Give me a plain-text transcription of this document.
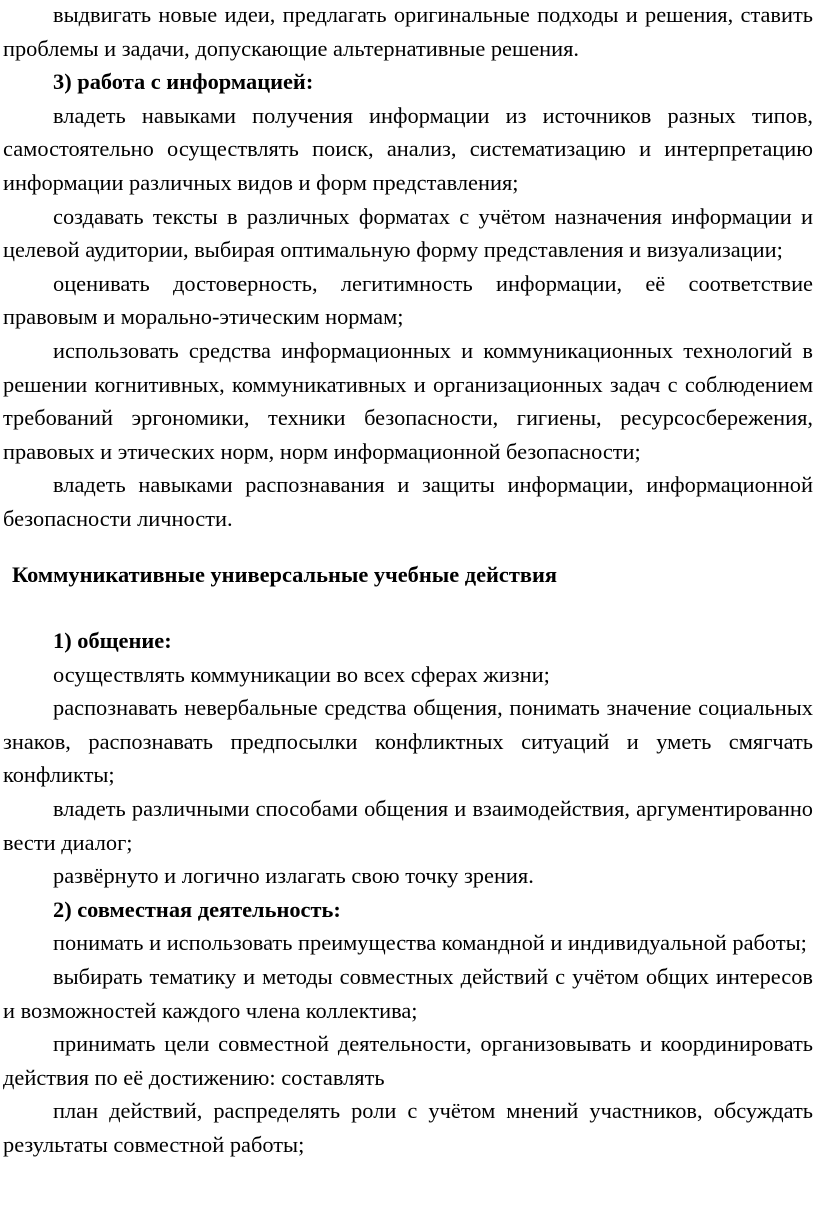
выдвигать новые идеи, предлагать оригинальные подходы и решения, ставить проблемы и задачи, допускающие альтернативные решения.

3) работа с информацией:

владеть навыками получения информации из источников разных типов, самостоятельно осуществлять поиск, анализ, систематизацию и интерпретацию информации различных видов и форм представления;

создавать тексты в различных форматах с учётом назначения информации и целевой аудитории, выбирая оптимальную форму представления и визуализации;

оценивать достоверность, легитимность информации, её соответствие правовым и морально-этическим нормам;

использовать средства информационных и коммуникационных технологий в решении когнитивных, коммуникативных и организационных задач с соблюдением требований эргономики, техники безопасности, гигиены, ресурсосбережения, правовых и этических норм, норм информационной безопасности;

владеть навыками распознавания и защиты информации, информационной безопасности личности.

Коммуникативные универсальные учебные действия

1) общение:

осуществлять коммуникации во всех сферах жизни;

распознавать невербальные средства общения, понимать значение социальных знаков, распознавать предпосылки конфликтных ситуаций и уметь смягчать конфликты;

владеть различными способами общения и взаимодействия, аргументированно вести диалог;

развёрнуто и логично излагать свою точку зрения.

2) совместная деятельность:

понимать и использовать преимущества командной и индивидуальной работы;

выбирать тематику и методы совместных действий с учётом общих интересов и возможностей каждого члена коллектива;

принимать цели совместной деятельности, организовывать и координировать действия по её достижению: составлять

план действий, распределять роли с учётом мнений участников, обсуждать результаты совместной работы;
